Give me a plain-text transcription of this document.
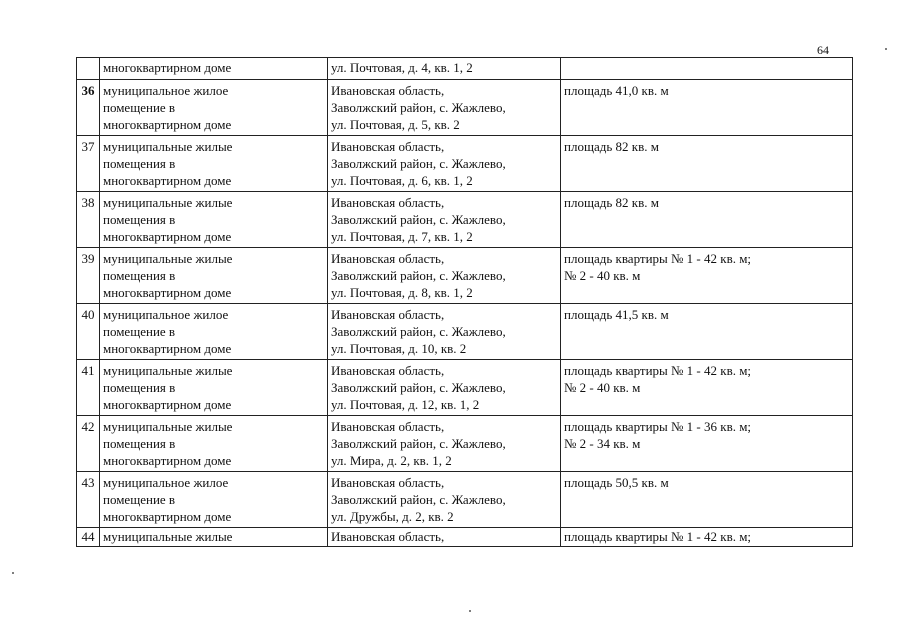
64
	многоквартирном доме	ул. Почтовая, д. 4, кв. 1, 2	
36	муниципальное жилое
помещение в
многоквартирном доме	Ивановская область,
Заволжский район, с. Жажлево,
ул. Почтовая, д. 5, кв. 2	площадь 41,0 кв. м
37	муниципальные жилые
помещения в
многоквартирном доме	Ивановская область,
Заволжский район, с. Жажлево,
ул. Почтовая, д. 6, кв. 1, 2	площадь 82 кв. м
38	муниципальные жилые
помещения в
многоквартирном доме	Ивановская область,
Заволжский район, с. Жажлево,
ул. Почтовая, д. 7, кв. 1, 2	площадь 82 кв. м
39	муниципальные жилые
помещения в
многоквартирном доме	Ивановская область,
Заволжский район, с. Жажлево,
ул. Почтовая, д. 8, кв. 1, 2	площадь квартиры № 1 - 42 кв. м;
№ 2 - 40 кв. м
40	муниципальное жилое
помещение в
многоквартирном доме	Ивановская область,
Заволжский район, с. Жажлево,
ул. Почтовая, д. 10, кв. 2	площадь 41,5 кв. м
41	муниципальные жилые
помещения в
многоквартирном доме	Ивановская область,
Заволжский район, с. Жажлево,
ул. Почтовая, д. 12, кв. 1, 2	площадь квартиры № 1 - 42 кв. м;
№ 2 - 40 кв. м
42	муниципальные жилые
помещения в
многоквартирном доме	Ивановская область,
Заволжский район, с. Жажлево,
ул. Мира, д. 2, кв. 1, 2	площадь квартиры № 1 - 36 кв. м;
№ 2 - 34 кв. м
43	муниципальное жилое
помещение в
многоквартирном доме	Ивановская область,
Заволжский район, с. Жажлево,
ул. Дружбы, д. 2, кв. 2	площадь 50,5 кв. м
44	муниципальные жилые	Ивановская область,	площадь квартиры № 1 - 42 кв. м;
